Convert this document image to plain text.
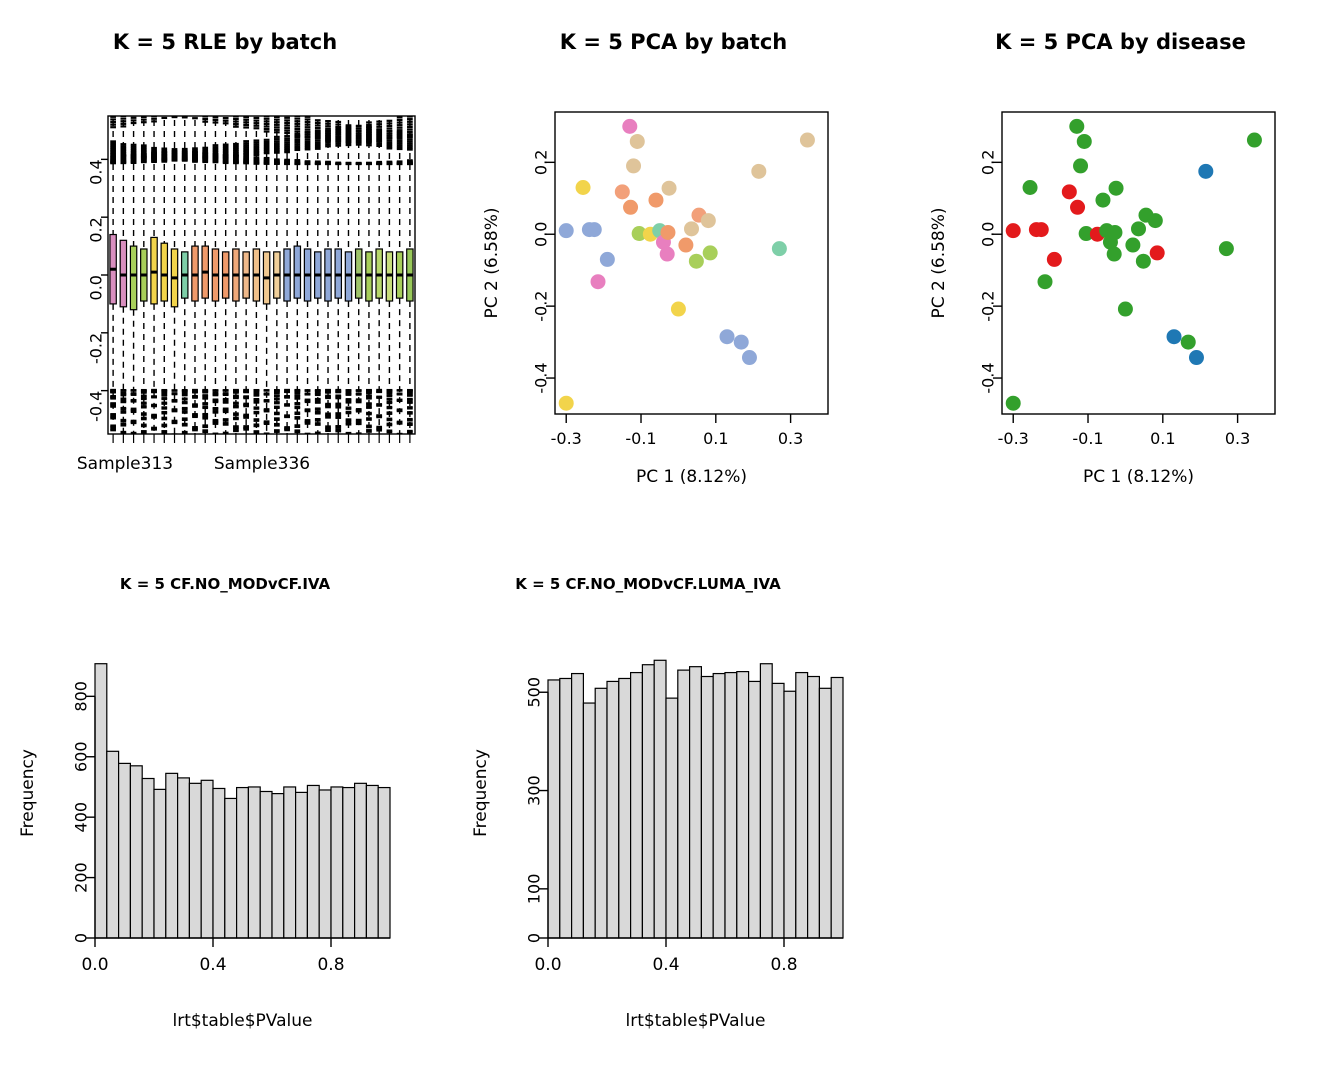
K = 5 RLE by batch
-0.4
-0.2
0.0
0.2
0.4
Sample313 Sample336
K = 5 PCA by batch
-0.3	-0.1	0.1	0.3
-0.4
-0.2
0.0
0.2
PC 1 (8.12%)
PC 2 (6.58%)
K = 5 PCA by disease
-0.3	-0.1	0.1	0.3
-0.4
-0.2
0.0
0.2
PC 1 (8.12%)
PC 2 (6.58%)
K = 5 CF.NO_MODvCF.IVA
0
200
400
600
800
0.0	0.4	0.8
lrt$table$PValue
Frequency
K = 5 CF.NO_MODvCF.LUMA_IVA
0
100
300
500
0.0	0.4	0.8
lrt$table$PValue
Frequency
